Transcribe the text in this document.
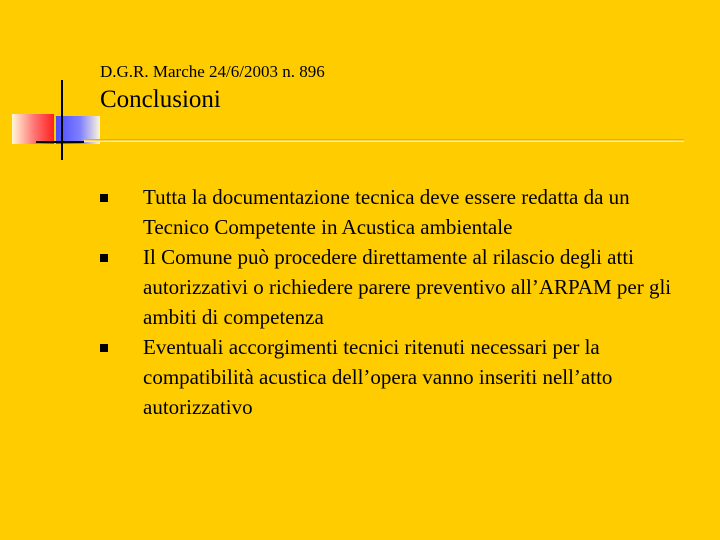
D.G.R. Marche 24/6/2003 n. 896
Conclusioni
Tutta la documentazione tecnica deve essere redatta da un Tecnico Competente in Acustica ambientale
Il Comune può procedere direttamente al rilascio degli atti autorizzativi o richiedere parere preventivo all’ARPAM per gli ambiti di competenza
Eventuali accorgimenti tecnici ritenuti necessari per la compatibilità acustica dell’opera vanno inseriti nell’atto autorizzativo
